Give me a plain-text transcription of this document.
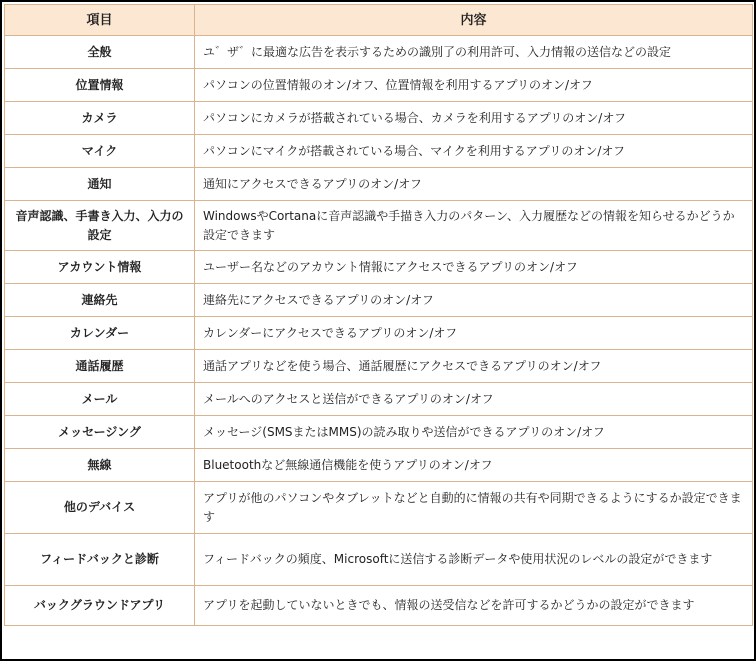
項目	内容
全般	ユ゛ザ゛に最適な広告を表示するための識別了の利用許可、入力情報の送信などの設定
位置情報	パソコンの位置情報のオン/オフ、位置情報を利用するアプリのオン/オフ
カメラ	パソコンにカメラが搭載されている場合、カメラを利用するアプリのオン/オフ
マイク	パソコンにマイクが搭載されている場合、マイクを利用するアプリのオン/オフ
通知	通知にアクセスできるアプリのオン/オフ
音声認識、手書き入力、入力の設定	WindowsやCortanaに音声認識や手描き入力のパターン、入力履歴などの情報を知らせるかどうか設定できます
アカウント情報	ユーザー名などのアカウント情報にアクセスできるアプリのオン/オフ
連絡先	連絡先にアクセスできるアプリのオン/オフ
カレンダー	カレンダーにアクセスできるアプリのオン/オフ
通話履歴	通話アプリなどを使う場合、通話履歴にアクセスできるアプリのオン/オフ
メール	メールへのアクセスと送信ができるアプリのオン/オフ
メッセージング	メッセージ(SMSまたはMMS)の読み取りや送信ができるアプリのオン/オフ
無線	Bluetoothなど無線通信機能を使うアプリのオン/オフ
他のデバイス	アプリが他のパソコンやタブレットなどと自動的に情報の共有や同期できるようにするか設定できます
フィードバックと診断	フィードバックの頻度、Microsoftに送信する診断データや使用状況のレベルの設定ができます
バックグラウンドアプリ	アプリを起動していないときでも、情報の送受信などを許可するかどうかの設定ができます
